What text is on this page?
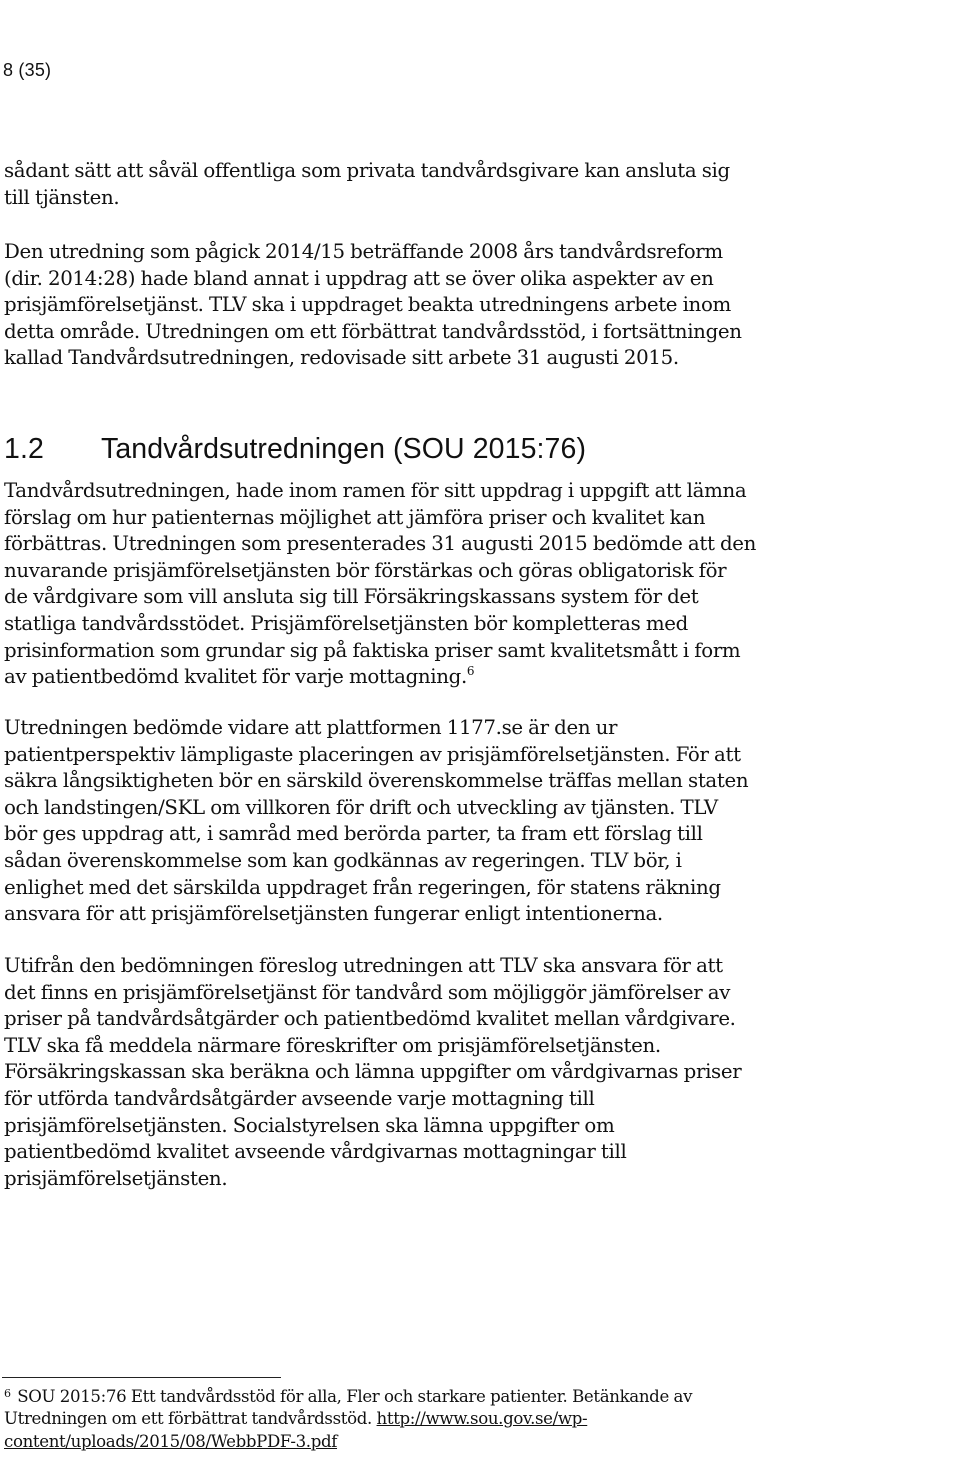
8 (35)

sådant sätt att såväl offentliga som privata tandvårdsgivare kan ansluta sig
till tjänsten.

Den utredning som pågick 2014/15 beträffande 2008 års tandvårdsreform
(dir. 2014:28) hade bland annat i uppdrag att se över olika aspekter av en
prisjämförelsetjänst. TLV ska i uppdraget beakta utredningens arbete inom
detta område. Utredningen om ett förbättrat tandvårdsstöd, i fortsättningen
kallad Tandvårdsutredningen, redovisade sitt arbete 31 augusti 2015.

1.2 Tandvårdsutredningen (SOU 2015:76)

Tandvårdsutredningen, hade inom ramen för sitt uppdrag i uppgift att lämna
förslag om hur patienternas möjlighet att jämföra priser och kvalitet kan
förbättras. Utredningen som presenterades 31 augusti 2015 bedömde att den
nuvarande prisjämförelsetjänsten bör förstärkas och göras obligatorisk för
de vårdgivare som vill ansluta sig till Försäkringskassans system för det
statliga tandvårdsstödet. Prisjämförelsetjänsten bör kompletteras med
prisinformation som grundar sig på faktiska priser samt kvalitetsmått i form
av patientbedömd kvalitet för varje mottagning.$^6$

Utredningen bedömde vidare att plattformen 1177.se är den ur
patientperspektiv lämpligaste placeringen av prisjämförelsetjänsten. För att
säkra långsiktigheten bör en särskild överenskommelse träffas mellan staten
och landstingen/SKL om villkoren för drift och utveckling av tjänsten. TLV
bör ges uppdrag att, i samråd med berörda parter, ta fram ett förslag till
sådan överenskommelse som kan godkännas av regeringen. TLV bör, i
enlighet med det särskilda uppdraget från regeringen, för statens räkning
ansvara för att prisjämförelsetjänsten fungerar enligt intentionerna.

Utifrån den bedömningen föreslog utredningen att TLV ska ansvara för att
det finns en prisjämförelsetjänst för tandvård som möjliggör jämförelser av
priser på tandvårdsåtgärder och patientbedömd kvalitet mellan vårdgivare.
TLV ska få meddela närmare föreskrifter om prisjämförelsetjänsten.
Försäkringskassan ska beräkna och lämna uppgifter om vårdgivarnas priser
för utförda tandvårdsåtgärder avseende varje mottagning till
prisjämförelsetjänsten. Socialstyrelsen ska lämna uppgifter om
patientbedömd kvalitet avseende vårdgivarnas mottagningar till
prisjämförelsetjänsten.

$^6$ SOU 2015:76 Ett tandvårdsstöd för alla, Fler och starkare patienter. Betänkande av
Utredningen om ett förbättrat tandvårdsstöd. http://www.sou.gov.se/wp-
content/uploads/2015/08/WebbPDF-3.pdf
